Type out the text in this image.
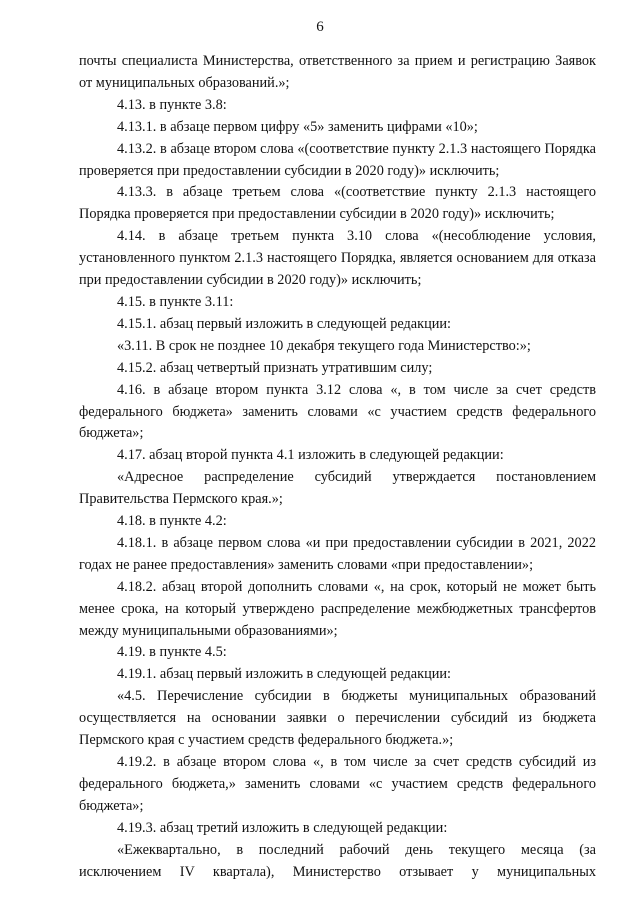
6

почты специалиста Министерства, ответственного за прием и регистрацию Заявок от муниципальных образований.»;

4.13. в пункте 3.8:

4.13.1. в абзаце первом цифру «5» заменить цифрами «10»;

4.13.2. в абзаце втором слова «(соответствие пункту 2.1.3 настоящего Порядка проверяется при предоставлении субсидии в 2020 году)» исключить;

4.13.3. в абзаце третьем слова «(соответствие пункту 2.1.3 настоящего Порядка проверяется при предоставлении субсидии в 2020 году)» исключить;

4.14. в абзаце третьем пункта 3.10 слова «(несоблюдение условия, установленного пунктом 2.1.3 настоящего Порядка, является основанием для отказа при предоставлении субсидии в 2020 году)» исключить;

4.15. в пункте 3.11:

4.15.1. абзац первый изложить в следующей редакции:

«3.11. В срок не позднее 10 декабря текущего года Министерство:»;

4.15.2. абзац четвертый признать утратившим силу;

4.16. в абзаце втором пункта 3.12 слова «, в том числе за счет средств федерального бюджета» заменить словами «с участием средств федерального бюджета»;

4.17. абзац второй пункта 4.1 изложить в следующей редакции:

«Адресное распределение субсидий утверждается постановлением Правительства Пермского края.»;

4.18. в пункте 4.2:

4.18.1. в абзаце первом слова «и при предоставлении субсидии в 2021, 2022 годах не ранее предоставления» заменить словами «при предоставлении»;

4.18.2. абзац второй дополнить словами «, на срок, который не может быть менее срока, на который утверждено распределение межбюджетных трансфертов между муниципальными образованиями»;

4.19. в пункте 4.5:

4.19.1. абзац первый изложить в следующей редакции:

«4.5. Перечисление субсидии в бюджеты муниципальных образований осуществляется на основании заявки о перечислении субсидий из бюджета Пермского края с участием средств федерального бюджета.»;

4.19.2. в абзаце втором слова «, в том числе за счет средств субсидий из федерального бюджета,» заменить словами «с участием средств федерального бюджета»;

4.19.3. абзац третий изложить в следующей редакции:

«Ежеквартально, в последний рабочий день текущего месяца (за исключением IV квартала), Министерство отзывает у муниципальных
